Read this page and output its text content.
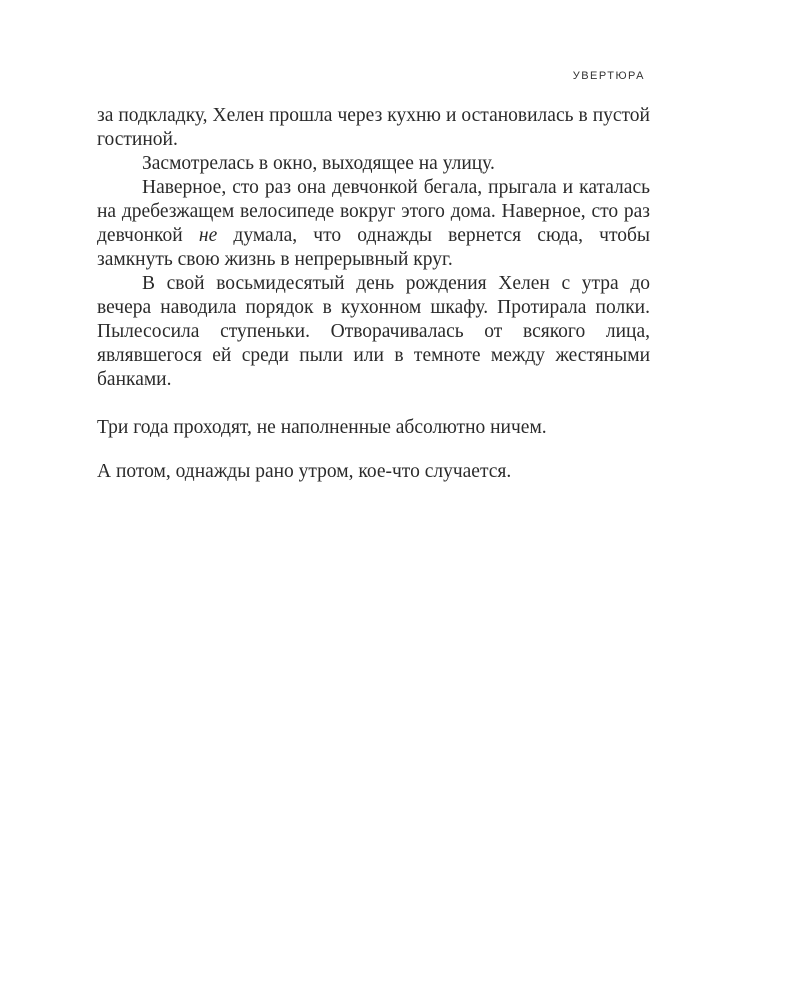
УВЕРТЮРА

за подкладку, Хелен прошла через кухню и остановилась в пустой гостиной.

Засмотрелась в окно, выходящее на улицу.

Наверное, сто раз она девчонкой бегала, прыгала и каталась на дребезжащем велосипеде вокруг этого дома. Наверное, сто раз девчонкой не думала, что однажды вернется сюда, чтобы замкнуть свою жизнь в непрерывный круг.

В свой восьмидесятый день рождения Хелен с утра до вечера наводила порядок в кухонном шкафу. Протирала полки. Пылесосила ступеньки. Отворачивалась от всякого лица, являвшегося ей среди пыли или в темноте между жестяными банками.

Три года проходят, не наполненные абсолютно ничем.

А потом, однажды рано утром, кое-что случается.
